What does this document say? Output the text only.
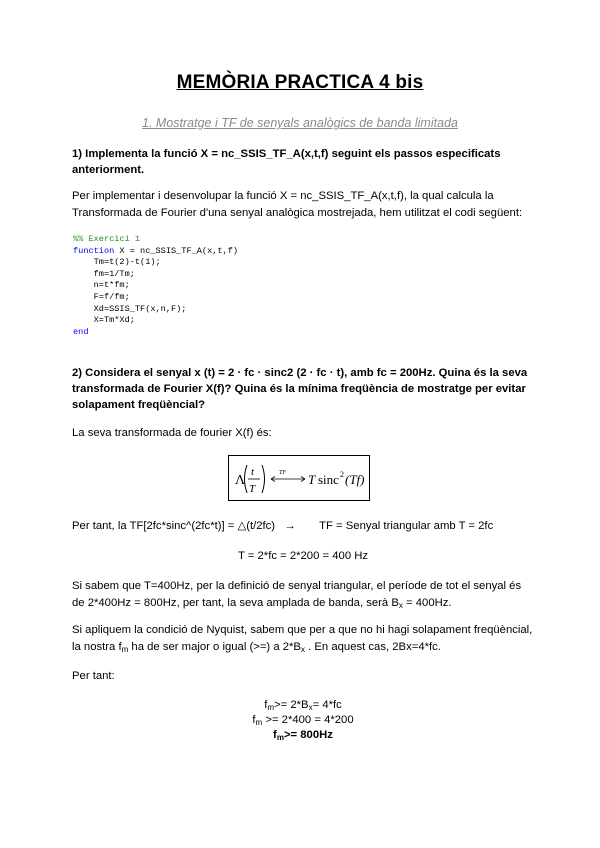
MEMÒRIA PRACTICA 4 bis
1. Mostratge i TF de senyals analògics de banda limitada
1) Implementa la funció X = nc_SSIS_TF_A(x,t,f) seguint els passos especificats anteriorment.
Per implementar i desenvolupar la funció X = nc_SSIS_TF_A(x,t,f), la qual calcula la Transformada de Fourier d'una senyal analògica mostrejada, hem utilitzat el codi següent:
%% Exercici 1
function X = nc_SSIS_TF_A(x,t,f)
Tm=t(2)-t(1);
fm=1/Tm;
n=t*fm;
F=f/fm;
Xd=SSIS_TF(x,n,F);
X=Tm*Xd;
end
2) Considera el senyal x (t) = 2 · fc · sinc2 (2 · fc · t), amb fc = 200Hz. Quina és la seva transformada de Fourier X(f)? Quina és la mínima freqüència de mostratge per evitar solapament freqüèncial?
La seva transformada de fourier X(f) és:
Λ
t
T
TF T sinc 2 (Tf)
Per tant, la TF[2fc*sinc^(2fc*t)] = △(t/2fc) → TF = Senyal triangular amb T = 2fc
T = 2*fc = 2*200 = 400 Hz
Si sabem que T=400Hz, per la definició de senyal triangular, el període de tot el senyal és de 2*400Hz = 800Hz, per tant, la seva amplada de banda, serà $B_x = 400Hz$.
Si apliquem la condició de Nyquist, sabem que per a que no hi hagi solapament freqüèncial, la nostra $f_m$ ha de ser major o igual (>=) a $2*B_x$ . En aquest cas, 2Bx=4*fc.
Per tant:
$f_m>= 2*B_x= 4*fc$
$f_m >= 2*400 = 4*200$
$f_m>= 800Hz$
